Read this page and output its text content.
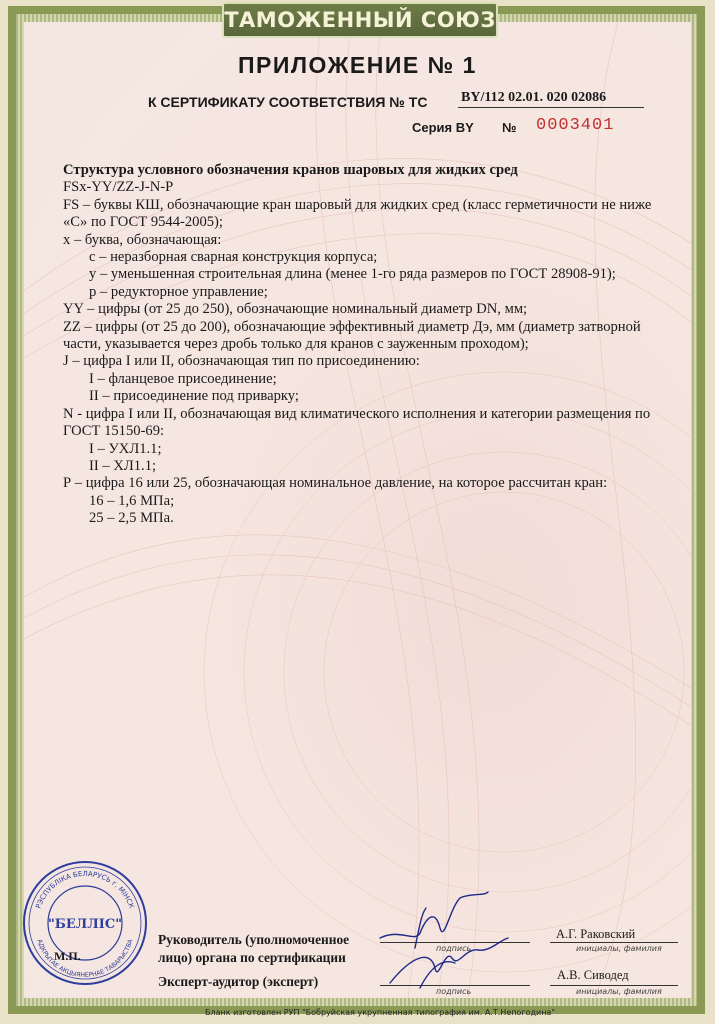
ТАМОЖЕННЫЙ СОЮЗ
ПРИЛОЖЕНИЕ № 1
К СЕРТИФИКАТУ СООТВЕТСТВИЯ № ТС BY/112 02.01. 020 02086
Серия BY № 0003401
Структура условного обозначения кранов шаровых для жидких сред
FSx-YY/ZZ-J-N-P
FS – буквы КШ, обозначающие кран шаровый для жидких сред (класс герметичности не ниже
«С» по ГОСТ 9544-2005);
x – буква, обозначающая:
с – неразборная сварная конструкция корпуса;
у – уменьшенная строительная длина (менее 1-го ряда размеров по ГОСТ 28908-91);
р – редукторное управление;
YY – цифры (от 25 до 250), обозначающие номинальный диаметр DN, мм;
ZZ – цифры (от 25 до 200), обозначающие эффективный диаметр Дэ, мм (диаметр затворной
части, указывается через дробь только для кранов с зауженным проходом);
J – цифра I или II, обозначающая тип по присоединению:
I – фланцевое присоединение;
II – присоединение под приварку;
N - цифра I или II, обозначающая вид климатического исполнения и категории размещения по
ГОСТ 15150-69:
I – УХЛ1.1;
II – ХЛ1.1;
Р – цифра 16 или 25, обозначающая номинальное давление, на которое рассчитан кран:
16 – 1,6 МПа;
25 – 2,5 МПа.
РЭСПУБЛІКА БЕЛАРУСЬ г. МІНСК
АДКРЫТАЕ АКЦЫЯНЕРНАЕ ТАВАРЫСТВА
"БЕЛЛІС"
М.П.
Руководитель (уполномоченное
лицо) органа по сертификации
Эксперт-аудитор (эксперт)
подпись
А.Г. Раковский
инициалы, фамилия
подпись
А.В. Сиводед
инициалы, фамилия
Бланк изготовлен РУП "Бобруйская укрупненная типография им. А.Т.Непогодина"
